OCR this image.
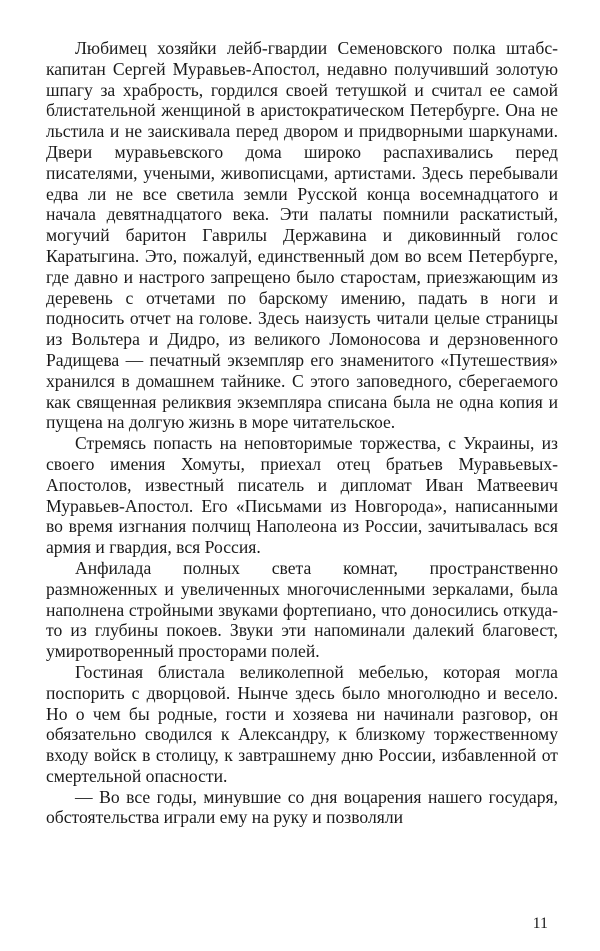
Любимец хозяйки лейб-гвардии Семеновского полка штабс-капитан Сергей Муравьев-Апостол, недавно получивший золотую шпагу за храбрость, гордился своей тетушкой и считал ее самой блистательной женщиной в аристократическом Петербурге. Она не льстила и не заискивала перед двором и придворными шаркунами. Двери муравьевского дома широко распахивались перед писателями, учеными, живописцами, артистами. Здесь перебывали едва ли не все светила земли Русской конца восемнадцатого и начала девятнадцатого века. Эти палаты помнили раскатистый, могучий баритон Гаврилы Державина и диковинный голос Каратыгина. Это, пожалуй, единственный дом во всем Петербурге, где давно и настрого запрещено было старостам, приезжающим из деревень с отчетами по барскому имению, падать в ноги и подносить отчет на голове. Здесь наизусть читали целые страницы из Вольтера и Дидро, из великого Ломоносова и дерзновенного Радищева — печатный экземпляр его знаменитого «Путешествия» хранился в домашнем тайнике. С этого заповедного, сберегаемого как священная реликвия экземпляра списана была не одна копия и пущена на долгую жизнь в море читательское.

Стремясь попасть на неповторимые торжества, с Украины, из своего имения Хомуты, приехал отец братьев Муравьевых-Апостолов, известный писатель и дипломат Иван Матвеевич Муравьев-Апостол. Его «Письмами из Новгорода», написанными во время изгнания полчищ Наполеона из России, зачитывалась вся армия и гвардия, вся Россия.

Анфилада полных света комнат, пространственно размноженных и увеличенных многочисленными зеркалами, была наполнена стройными звуками фортепиано, что доносились откуда-то из глубины покоев. Звуки эти напоминали далекий благовест, умиротворенный просторами полей.

Гостиная блистала великолепной мебелью, которая могла поспорить с дворцовой. Нынче здесь было многолюдно и весело. Но о чем бы родные, гости и хозяева ни начинали разговор, он обязательно сводился к Александру, к близкому торжественному входу войск в столицу, к завтрашнему дню России, избавленной от смертельной опасности.

— Во все годы, минувшие со дня воцарения нашего государя, обстоятельства играли ему на руку и позволяли

11
